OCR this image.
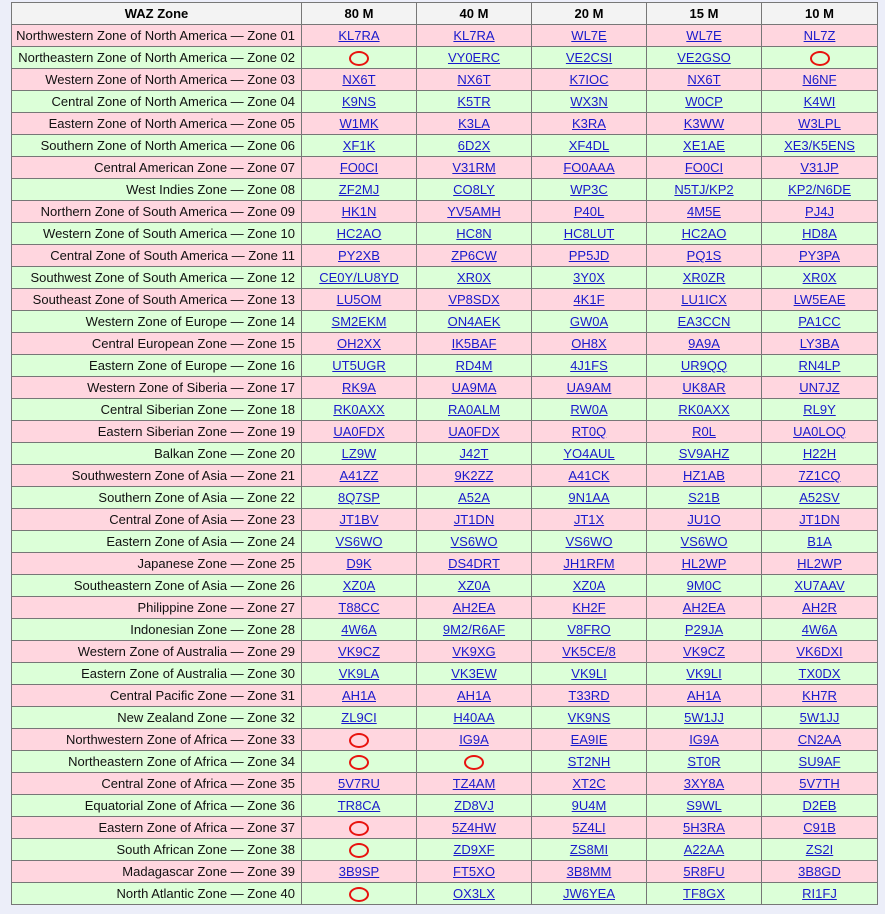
WAZ Zone	80 M	40 M	20 M	15 M	10 M
Northwestern Zone of North America — Zone 01	KL7RA	KL7RA	WL7E	WL7E	NL7Z
Northeastern Zone of North America — Zone 02		VY0ERC	VE2CSI	VE2GSO	
Western Zone of North America — Zone 03	NX6T	NX6T	K7IOC	NX6T	N6NF
Central Zone of North America — Zone 04	K9NS	K5TR	WX3N	W0CP	K4WI
Eastern Zone of North America — Zone 05	W1MK	K3LA	K3RA	K3WW	W3LPL
Southern Zone of North America — Zone 06	XF1K	6D2X	XF4DL	XE1AE	XE3/K5ENS
Central American Zone — Zone 07	FO0CI	V31RM	FO0AAA	FO0CI	V31JP
West Indies Zone — Zone 08	ZF2MJ	CO8LY	WP3C	N5TJ/KP2	KP2/N6DE
Northern Zone of South America — Zone 09	HK1N	YV5AMH	P40L	4M5E	PJ4J
Western Zone of South America — Zone 10	HC2AO	HC8N	HC8LUT	HC2AO	HD8A
Central Zone of South America — Zone 11	PY2XB	ZP6CW	PP5JD	PQ1S	PY3PA
Southwest Zone of South America — Zone 12	CE0Y/LU8YD	XR0X	3Y0X	XR0ZR	XR0X
Southeast Zone of South America — Zone 13	LU5OM	VP8SDX	4K1F	LU1ICX	LW5EAE
Western Zone of Europe — Zone 14	SM2EKM	ON4AEK	GW0A	EA3CCN	PA1CC
Central European Zone — Zone 15	OH2XX	IK5BAF	OH8X	9A9A	LY3BA
Eastern Zone of Europe — Zone 16	UT5UGR	RD4M	4J1FS	UR9QQ	RN4LP
Western Zone of Siberia — Zone 17	RK9A	UA9MA	UA9AM	UK8AR	UN7JZ
Central Siberian Zone — Zone 18	RK0AXX	RA0ALM	RW0A	RK0AXX	RL9Y
Eastern Siberian Zone — Zone 19	UA0FDX	UA0FDX	RT0Q	R0L	UA0LOQ
Balkan Zone — Zone 20	LZ9W	J42T	YO4AUL	SV9AHZ	H22H
Southwestern Zone of Asia — Zone 21	A41ZZ	9K2ZZ	A41CK	HZ1AB	7Z1CQ
Southern Zone of Asia — Zone 22	8Q7SP	A52A	9N1AA	S21B	A52SV
Central Zone of Asia — Zone 23	JT1BV	JT1DN	JT1X	JU1O	JT1DN
Eastern Zone of Asia — Zone 24	VS6WO	VS6WO	VS6WO	VS6WO	B1A
Japanese Zone — Zone 25	D9K	DS4DRT	JH1RFM	HL2WP	HL2WP
Southeastern Zone of Asia — Zone 26	XZ0A	XZ0A	XZ0A	9M0C	XU7AAV
Philippine Zone — Zone 27	T88CC	AH2EA	KH2F	AH2EA	AH2R
Indonesian Zone — Zone 28	4W6A	9M2/R6AF	V8FRO	P29JA	4W6A
Western Zone of Australia — Zone 29	VK9CZ	VK9XG	VK5CE/8	VK9CZ	VK6DXI
Eastern Zone of Australia — Zone 30	VK9LA	VK3EW	VK9LI	VK9LI	TX0DX
Central Pacific Zone — Zone 31	AH1A	AH1A	T33RD	AH1A	KH7R
New Zealand Zone — Zone 32	ZL9CI	H40AA	VK9NS	5W1JJ	5W1JJ
Northwestern Zone of Africa — Zone 33		IG9A	EA9IE	IG9A	CN2AA
Northeastern Zone of Africa — Zone 34			ST2NH	ST0R	SU9AF
Central Zone of Africa — Zone 35	5V7RU	TZ4AM	XT2C	3XY8A	5V7TH
Equatorial Zone of Africa — Zone 36	TR8CA	ZD8VJ	9U4M	S9WL	D2EB
Eastern Zone of Africa — Zone 37		5Z4HW	5Z4LI	5H3RA	C91B
South African Zone — Zone 38		ZD9XF	ZS8MI	A22AA	ZS2I
Madagascar Zone — Zone 39	3B9SP	FT5XO	3B8MM	5R8FU	3B8GD
North Atlantic Zone — Zone 40		OX3LX	JW6YEA	TF8GX	RI1FJ
